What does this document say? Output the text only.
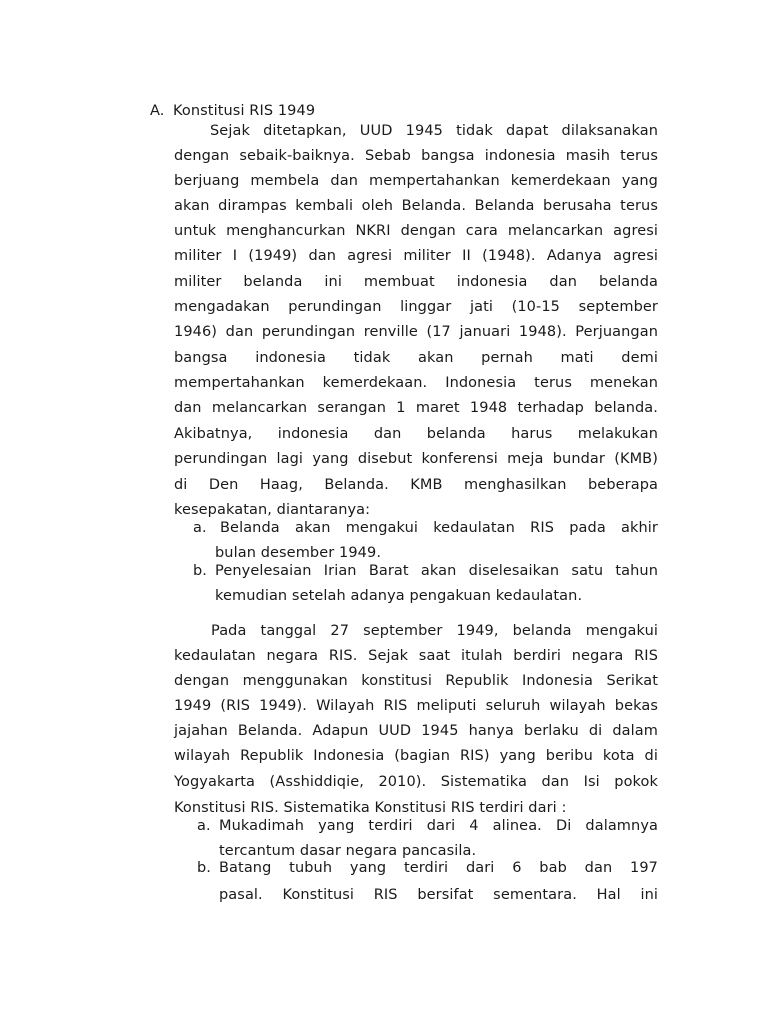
A. Konstitusi RIS 1949
Sejak ditetapkan, UUD 1945 tidak dapat dilaksanakan
dengan sebaik-baiknya. Sebab bangsa indonesia masih terus
berjuang membela dan mempertahankan kemerdekaan yang
akan dirampas kembali oleh Belanda. Belanda berusaha terus
untuk menghancurkan NKRI dengan cara melancarkan agresi
militer I (1949) dan agresi militer II (1948). Adanya agresi
militer belanda ini membuat indonesia dan belanda
mengadakan perundingan linggar jati (10-15 september
1946) dan perundingan renville (17 januari 1948). Perjuangan
bangsa indonesia tidak akan pernah mati demi
mempertahankan kemerdekaan. Indonesia terus menekan
dan melancarkan serangan 1 maret 1948 terhadap belanda.
Akibatnya, indonesia dan belanda harus melakukan
perundingan lagi yang disebut konferensi meja bundar (KMB)
di Den Haag, Belanda. KMB menghasilkan beberapa
kesepakatan, diantaranya:
a. Belanda akan mengakui kedaulatan RIS pada akhir
bulan desember 1949.
b. Penyelesaian Irian Barat akan diselesaikan satu tahun
kemudian setelah adanya pengakuan kedaulatan.
Pada tanggal 27 september 1949, belanda mengakui
kedaulatan negara RIS. Sejak saat itulah berdiri negara RIS
dengan menggunakan konstitusi Republik Indonesia Serikat
1949 (RIS 1949). Wilayah RIS meliputi seluruh wilayah bekas
jajahan Belanda. Adapun UUD 1945 hanya berlaku di dalam
wilayah Republik Indonesia (bagian RIS) yang beribu kota di
Yogyakarta (Asshiddiqie, 2010). Sistematika dan Isi pokok
Konstitusi RIS. Sistematika Konstitusi RIS terdiri dari :
a. Mukadimah yang terdiri dari 4 alinea. Di dalamnya
tercantum dasar negara pancasila.
b. Batang tubuh yang terdiri dari 6 bab dan 197
pasal. Konstitusi RIS bersifat sementara. Hal ini
